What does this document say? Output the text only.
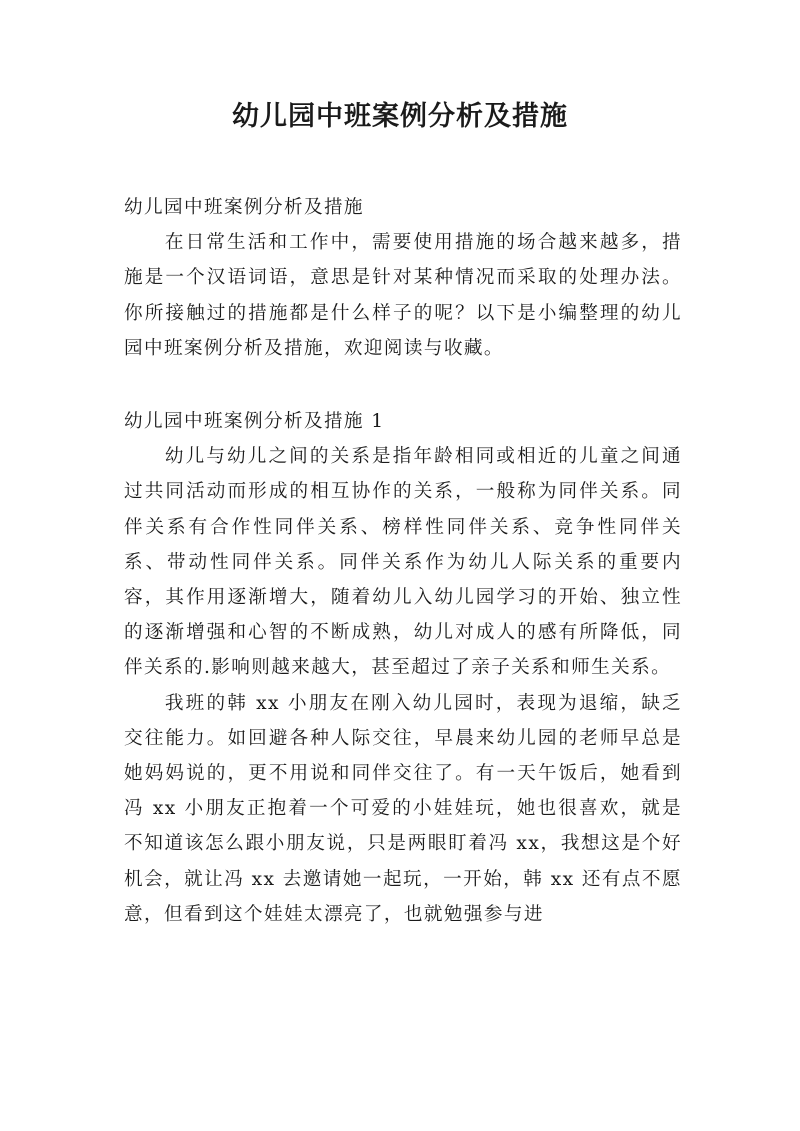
幼儿园中班案例分析及措施

幼儿园中班案例分析及措施

在日常生活和工作中，需要使用措施的场合越来越多，措施是一个汉语词语，意思是针对某种情况而采取的处理办法。你所接触过的措施都是什么样子的呢？以下是小编整理的幼儿园中班案例分析及措施，欢迎阅读与收藏。

幼儿园中班案例分析及措施 1

幼儿与幼儿之间的关系是指年龄相同或相近的儿童之间通过共同活动而形成的相互协作的关系，一般称为同伴关系。同伴关系有合作性同伴关系、榜样性同伴关系、竞争性同伴关系、带动性同伴关系。同伴关系作为幼儿人际关系的重要内容，其作用逐渐增大，随着幼儿入幼儿园学习的开始、独立性的逐渐增强和心智的不断成熟，幼儿对成人的感有所降低，同伴关系的.影响则越来越大，甚至超过了亲子关系和师生关系。

我班的韩 xx 小朋友在刚入幼儿园时，表现为退缩，缺乏交往能力。如回避各种人际交往，早晨来幼儿园的老师早总是她妈妈说的，更不用说和同伴交往了。有一天午饭后，她看到冯 xx 小朋友正抱着一个可爱的小娃娃玩，她也很喜欢，就是不知道该怎么跟小朋友说，只是两眼盯着冯 xx，我想这是个好机会，就让冯 xx 去邀请她一起玩，一开始，韩 xx 还有点不愿意，但看到这个娃娃太漂亮了，也就勉强参与进
